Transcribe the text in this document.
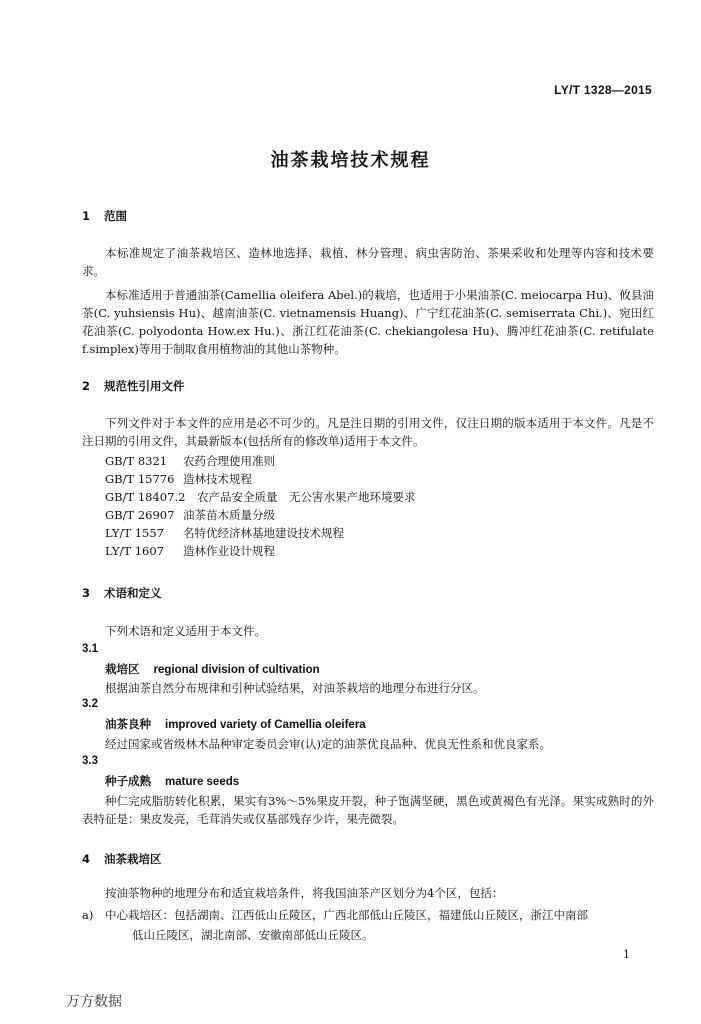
LY/T 1328—2015
油茶栽培技术规程
1 范围
本标准规定了油茶栽培区、造林地选择、栽植、林分管理、病虫害防治、茶果采收和处理等内容和技术要求。
本标准适用于普通油茶(Camellia oleifera Abel.)的栽培，也适用于小果油茶(C. meiocarpa Hu)、攸县油茶(C. yuhsiensis Hu)、越南油茶(C. vietnamensis Huang)、广宁红花油茶(C. semiserrata Chi.)、宛田红花油茶(C. polyodonta How.ex Hu.)、浙江红花油茶(C. chekiangolesa Hu)、腾冲红花油茶(C. retifulate f.simplex)等用于制取食用植物油的其他山茶物种。
2 规范性引用文件
下列文件对于本文件的应用是必不可少的。凡是注日期的引用文件，仅注日期的版本适用于本文件。凡是不注日期的引用文件，其最新版本(包括所有的修改单)适用于本文件。
GB/T 8321 农药合理使用准则
GB/T 15776 造林技术规程
GB/T 18407.2 农产品安全质量　无公害水果产地环境要求
GB/T 26907 油茶苗木质量分级
LY/T 1557 名特优经济林基地建设技术规程
LY/T 1607 造林作业设计规程
3 术语和定义
下列术语和定义适用于本文件。
3.1
栽培区 regional division of cultivation
根据油茶自然分布规律和引种试验结果，对油茶栽培的地理分布进行分区。
3.2
油茶良种 improved variety of Camellia oleifera
经过国家或省级林木品种审定委员会审(认)定的油茶优良品种、优良无性系和优良家系。
3.3
种子成熟 mature seeds
种仁完成脂肪转化积累，果实有3%～5%果皮开裂，种子饱满坚硬，黑色或黄褐色有光泽。果实成熟时的外表特征是：果皮发亮，毛茸消失或仅基部残存少许，果壳微裂。
4 油茶栽培区
按油茶物种的地理分布和适宜栽培条件，将我国油茶产区划分为4个区，包括：
a) 中心栽培区：包括湖南、江西低山丘陵区，广西北部低山丘陵区，福建低山丘陵区，浙江中南部
低山丘陵区，湖北南部、安徽南部低山丘陵区。
1
万方数据
